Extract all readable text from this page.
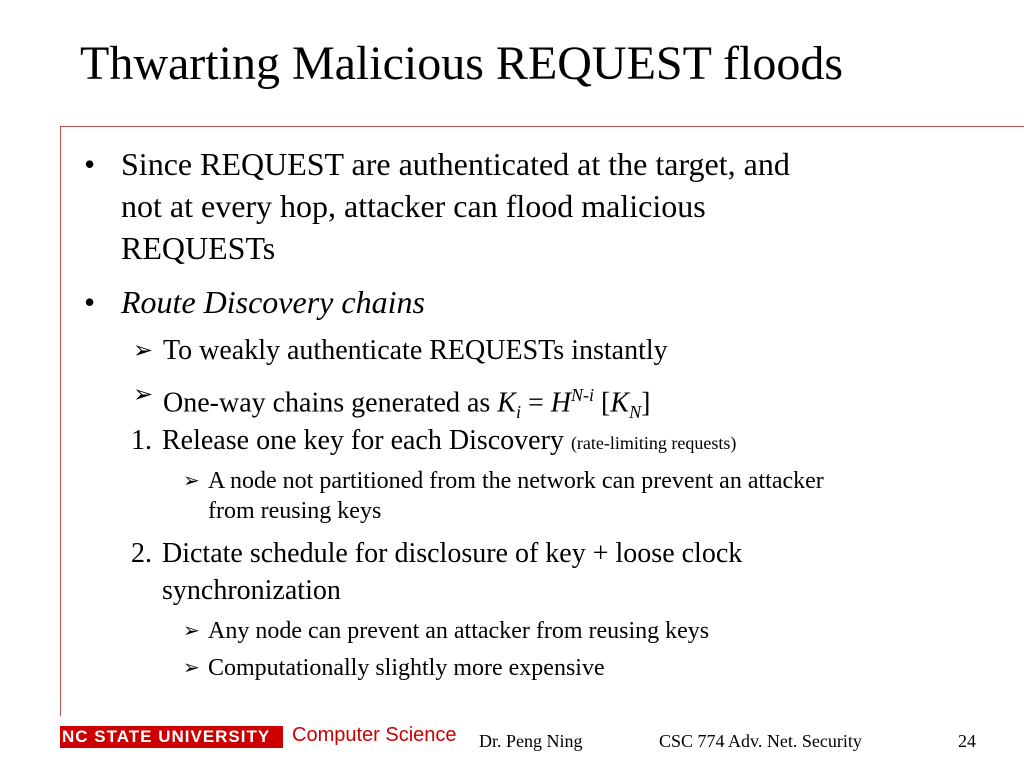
Thwarting Malicious REQUEST floods
• Since REQUEST are authenticated at the target, and
not at every hop, attacker can flood malicious
REQUESTs
• Route Discovery chains
➢ To weakly authenticate REQUESTs instantly
➢ One-way chains generated as $K_i = H^{N-i}$ $[K_N]$
1. Release one key for each Discovery (rate-limiting requests)
➢ A node not partitioned from the network can prevent an attacker
from reusing keys
2. Dictate schedule for disclosure of key + loose clock
synchronization
➢ Any node can prevent an attacker from reusing keys
➢ Computationally slightly more expensive
NC STATE UNIVERSITY	Computer Science Dr. Peng Ning	CSC 774 Adv. Net. Security	24
